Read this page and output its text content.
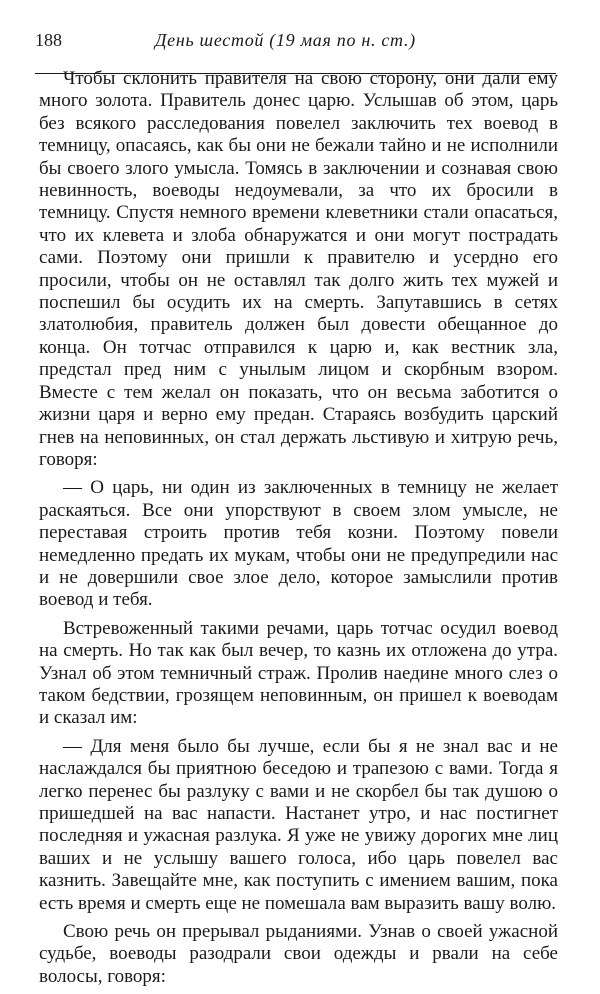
188	День шестой (19 мая по н. ст.)

Чтобы склонить правителя на свою сторону, они дали ему много золота. Правитель донес царю. Услышав об этом, царь без всякого расследования повелел заключить тех воевод в темницу, опасаясь, как бы они не бежали тайно и не исполнили бы своего злого умысла. Томясь в заключении и сознавая свою невинность, воеводы недоумевали, за что их бросили в темницу. Спустя немного времени клеветники стали опасаться, что их клевета и злоба обнаружатся и они могут пострадать сами. Поэтому они пришли к правителю и усердно его просили, чтобы он не оставлял так долго жить тех мужей и поспешил бы осудить их на смерть. Запутавшись в сетях златолюбия, правитель должен был довести обещанное до конца. Он тотчас отправился к царю и, как вестник зла, предстал пред ним с унылым лицом и скорбным взором. Вместе с тем желал он показать, что он весьма заботится о жизни царя и верно ему предан. Стараясь возбудить царский гнев на неповинных, он стал держать льстивую и хитрую речь, говоря:

— О царь, ни один из заключенных в темницу не желает раскаяться. Все они упорствуют в своем злом умысле, не переставая строить против тебя козни. Поэтому повели немедленно предать их мукам, чтобы они не предупредили нас и не довершили свое злое дело, которое замыслили против воевод и тебя.

Встревоженный такими речами, царь тотчас осудил воевод на смерть. Но так как был вечер, то казнь их отложена до утра. Узнал об этом темничный страж. Пролив наедине много слез о таком бедствии, грозящем неповинным, он пришел к воеводам и сказал им:

— Для меня было бы лучше, если бы я не знал вас и не наслаждался бы приятною беседою и трапезою с вами. Тогда я легко перенес бы разлуку с вами и не скорбел бы так душою о пришедшей на вас напасти. Настанет утро, и нас постигнет последняя и ужасная разлука. Я уже не увижу дорогих мне лиц ваших и не услышу вашего голоса, ибо царь повелел вас казнить. Завещайте мне, как поступить с имением вашим, пока есть время и смерть еще не помешала вам выразить вашу волю.

Свою речь он прерывал рыданиями. Узнав о своей ужасной судьбе, воеводы разодрали свои одежды и рвали на себе волосы, говоря:
